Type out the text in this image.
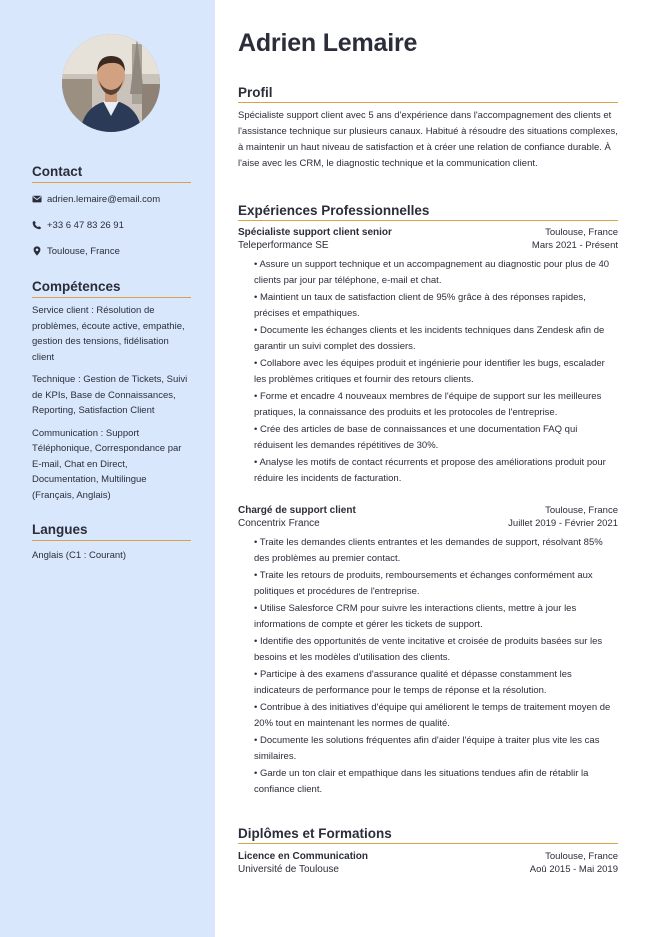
Contact
adrien.lemaire@email.com
+33 6 47 83 26 91
Toulouse, France
Compétences
Service client : Résolution de problèmes, écoute active, empathie, gestion des tensions, fidélisation client
Technique : Gestion de Tickets, Suivi de KPIs, Base de Connaissances, Reporting, Satisfaction Client
Communication : Support Téléphonique, Correspondance par E-mail, Chat en Direct, Documentation, Multilingue (Français, Anglais)
Langues
Anglais (C1 : Courant)
Adrien Lemaire
Profil
Spécialiste support client avec 5 ans d'expérience dans l'accompagnement des clients et l'assistance technique sur plusieurs canaux. Habitué à résoudre des situations complexes, à maintenir un haut niveau de satisfaction et à créer une relation de confiance durable. À l'aise avec les CRM, le diagnostic technique et la communication client.
Expériences Professionnelles
Spécialiste support client senior	Toulouse, France
Teleperformance SE	Mars 2021 - Présent
• Assure un support technique et un accompagnement au diagnostic pour plus de 40 clients par jour par téléphone, e-mail et chat.
• Maintient un taux de satisfaction client de 95% grâce à des réponses rapides, précises et empathiques.
• Documente les échanges clients et les incidents techniques dans Zendesk afin de garantir un suivi complet des dossiers.
• Collabore avec les équipes produit et ingénierie pour identifier les bugs, escalader les problèmes critiques et fournir des retours clients.
• Forme et encadre 4 nouveaux membres de l'équipe de support sur les meilleures pratiques, la connaissance des produits et les protocoles de l'entreprise.
• Crée des articles de base de connaissances et une documentation FAQ qui réduisent les demandes répétitives de 30%.
• Analyse les motifs de contact récurrents et propose des améliorations produit pour réduire les incidents de facturation.
Chargé de support client	Toulouse, France
Concentrix France	Juillet 2019 - Février 2021
• Traite les demandes clients entrantes et les demandes de support, résolvant 85% des problèmes au premier contact.
• Traite les retours de produits, remboursements et échanges conformément aux politiques et procédures de l'entreprise.
• Utilise Salesforce CRM pour suivre les interactions clients, mettre à jour les informations de compte et gérer les tickets de support.
• Identifie des opportunités de vente incitative et croisée de produits basées sur les besoins et les modèles d'utilisation des clients.
• Participe à des examens d'assurance qualité et dépasse constamment les indicateurs de performance pour le temps de réponse et la résolution.
• Contribue à des initiatives d'équipe qui améliorent le temps de traitement moyen de 20% tout en maintenant les normes de qualité.
• Documente les solutions fréquentes afin d'aider l'équipe à traiter plus vite les cas similaires.
• Garde un ton clair et empathique dans les situations tendues afin de rétablir la confiance client.
Diplômes et Formations
Licence en Communication	Toulouse, France
Université de Toulouse	Aoû 2015 - Mai 2019
